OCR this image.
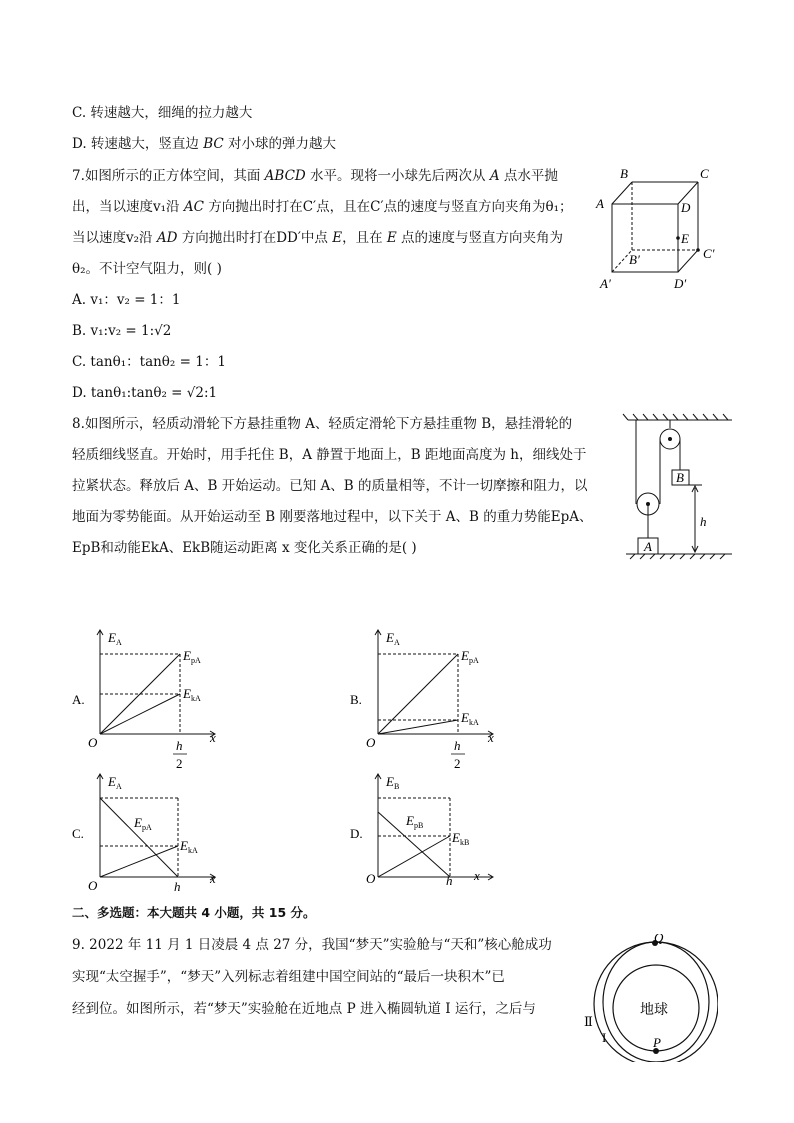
C. 转速越大，细绳的拉力越大
D. 转速越大，竖直边 BC 对小球的弹力越大
7.如图所示的正方体空间，其面 ABCD 水平。现将一小球先后两次从 A 点水平抛
出，当以速度v₁沿 AC 方向抛出时打在C′点，且在C′点的速度与竖直方向夹角为θ₁；
当以速度v₂沿 AD 方向抛出时打在DD′中点 E，且在 E 点的速度与竖直方向夹角为
θ₂。不计空气阻力，则( )
A. v₁：v₂ = 1：1
B. v₁:v₂ = 1:√2
C. tanθ₁：tanθ₂ = 1：1
D. tanθ₁:tanθ₂ = √2:1
B	C
A	D
E
B′	C′
A′	D′
8.如图所示，轻质动滑轮下方悬挂重物 A、轻质定滑轮下方悬挂重物 B，悬挂滑轮的
轻质细线竖直。开始时，用手托住 B，A 静置于地面上，B 距地面高度为 h，细线处于
拉紧状态。释放后 A、B 开始运动。已知 A、B 的质量相等，不计一切摩擦和阻力，以
地面为零势能面。从开始运动至 B 刚要落地过程中，以下关于 A、B 的重力势能EpA、
EpB和动能EkA、EkB随运动距离 x 变化关系正确的是( )	A
B
h
A.
E A
E pA
E kA
O	x
h
2
B.
E A
E pA
E kA
O	x
h
2
C.
E A
E pA
E kA
O	x
h
D.
E B
E pB
E kB
O	x
h
二、多选题：本大题共 4 小题，共 15 分。
9. 2022 年 11 月 1 日凌晨 4 点 27 分，我国“梦天”实验舱与“天和”核心舱成功
实现“太空握手”，“梦天”入列标志着组建中国空间站的“最后一块积木”已
经到位。如图所示，若“梦天”实验舱在近地点 P 进入椭圆轨道 I 运行，之后与
Q
P
地球
I
Ⅱ
